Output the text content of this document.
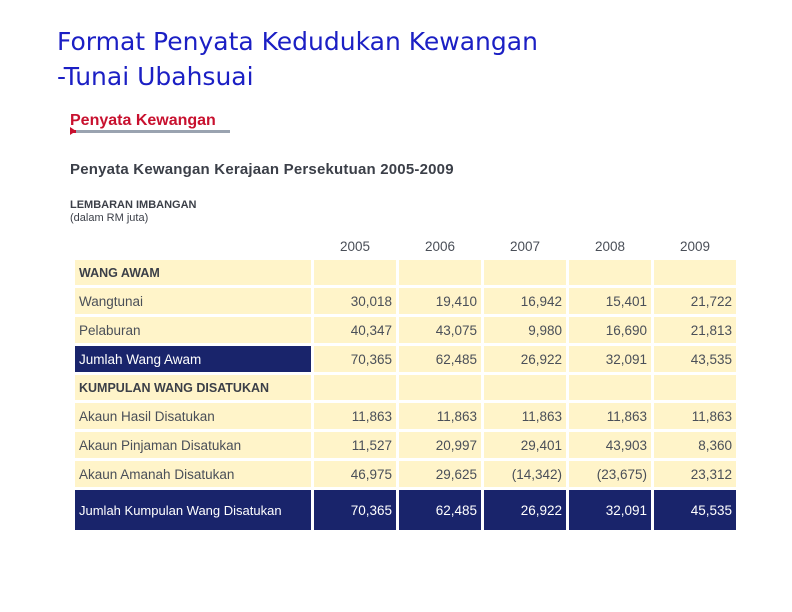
Format Penyata Kedudukan Kewangan
-Tunai Ubahsuai
Penyata Kewangan
Penyata Kewangan Kerajaan Persekutuan 2005-2009
LEMBARAN IMBANGAN
(dalam RM juta)
	2005	2006	2007	2008	2009
WANG AWAM					
Wangtunai	30,018	19,410	16,942	15,401	21,722
Pelaburan	40,347	43,075	9,980	16,690	21,813
Jumlah Wang Awam	70,365	62,485	26,922	32,091	43,535
KUMPULAN WANG DISATUKAN					
Akaun Hasil Disatukan	11,863	11,863	11,863	11,863	11,863
Akaun Pinjaman Disatukan	11,527	20,997	29,401	43,903	8,360
Akaun Amanah Disatukan	46,975	29,625	(14,342)	(23,675)	23,312
Jumlah Kumpulan Wang Disatukan	70,365	62,485	26,922	32,091	45,535
